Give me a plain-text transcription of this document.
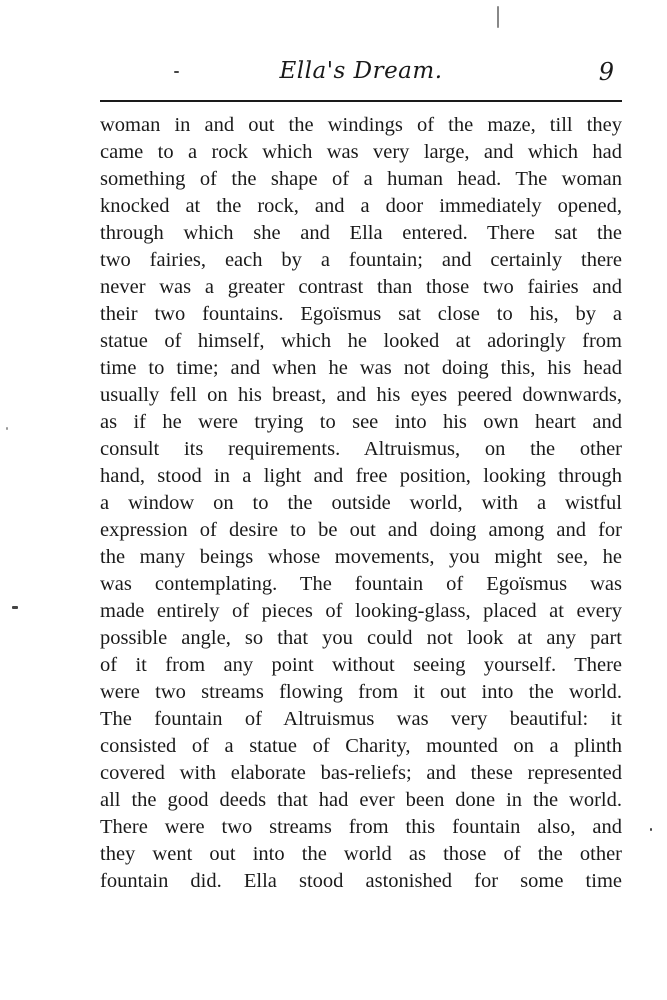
Ella's Dream.	9
woman in and out the windings of the maze, till they
came to a rock which was very large, and which had
something of the shape of a human head. The woman
knocked at the rock, and a door immediately opened,
through which she and Ella entered. There sat the
two fairies, each by a fountain; and certainly there
never was a greater contrast than those two fairies and
their two fountains. Egoïsmus sat close to his, by a
statue of himself, which he looked at adoringly from
time to time; and when he was not doing this, his head
usually fell on his breast, and his eyes peered downwards,
as if he were trying to see into his own heart and
consult its requirements. Altruismus, on the other
hand, stood in a light and free position, looking through
a window on to the outside world, with a wistful
expression of desire to be out and doing among and for
the many beings whose movements, you might see, he
was contemplating. The fountain of Egoïsmus was
made entirely of pieces of looking-glass, placed at every
possible angle, so that you could not look at any part
of it from any point without seeing yourself. There
were two streams flowing from it out into the world.
The fountain of Altruismus was very beautiful: it
consisted of a statue of Charity, mounted on a plinth
covered with elaborate bas-reliefs; and these represented
all the good deeds that had ever been done in the world.
There were two streams from this fountain also, and
they went out into the world as those of the other
fountain did. Ella stood astonished for some time
